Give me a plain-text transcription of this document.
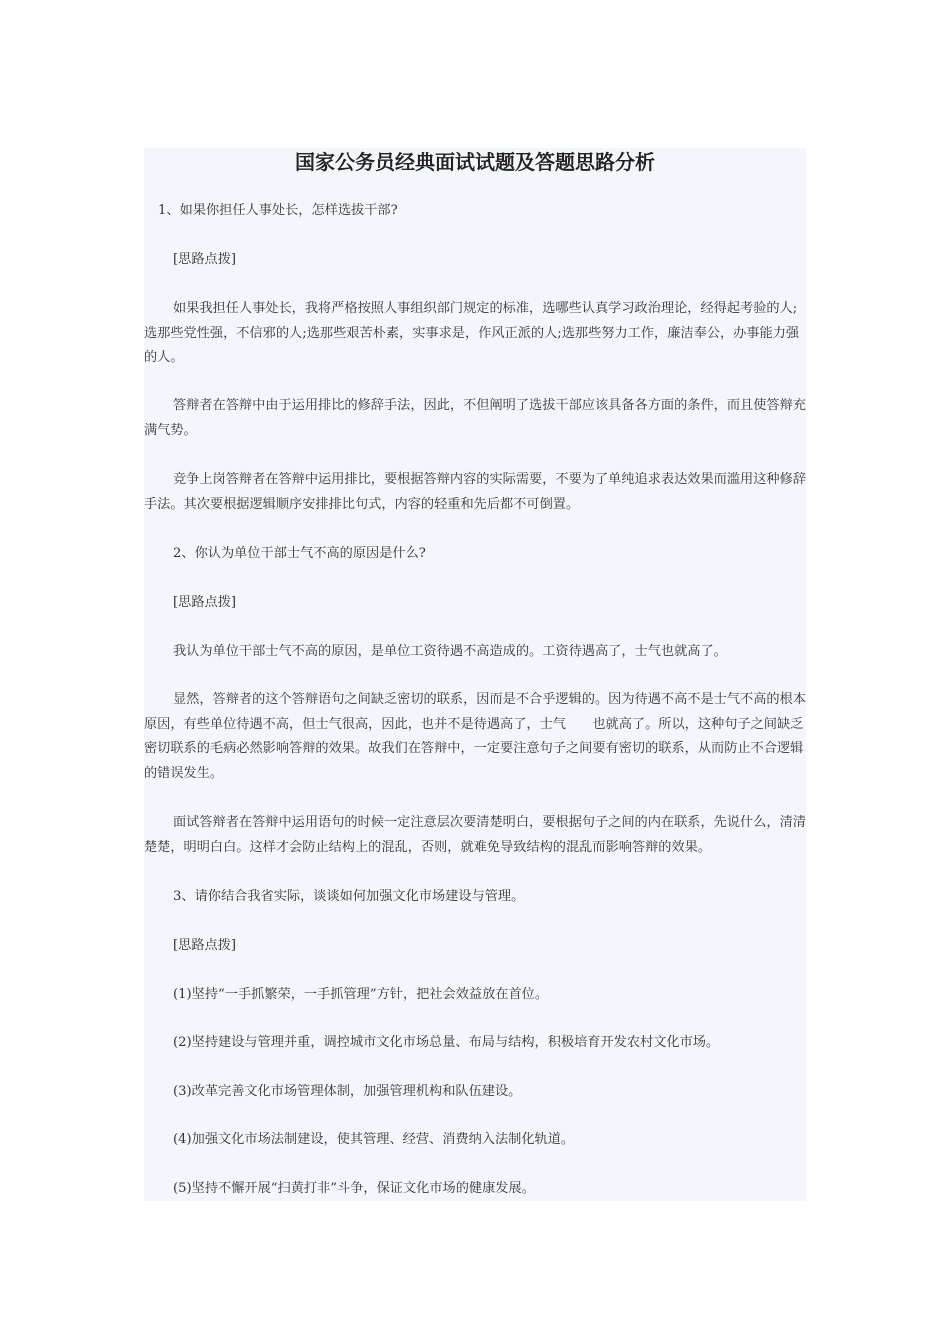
国家公务员经典面试试题及答题思路分析

1、如果你担任人事处长，怎样选拔干部?

[思路点拨]

如果我担任人事处长，我将严格按照人事组织部门规定的标准，选哪些认真学习政治理论，经得起考验的人;选那些党性强，不信邪的人;选那些艰苦朴素，实事求是，作风正派的人;选那些努力工作，廉洁奉公，办事能力强的人。

答辩者在答辩中由于运用排比的修辞手法，因此，不但阐明了选拔干部应该具备各方面的条件，而且使答辩充满气势。

竞争上岗答辩者在答辩中运用排比，要根据答辩内容的实际需要，不要为了单纯追求表达效果而滥用这种修辞手法。其次要根据逻辑顺序安排排比句式，内容的轻重和先后都不可倒置。

2、你认为单位干部士气不高的原因是什么?

[思路点拨]

我认为单位干部士气不高的原因，是单位工资待遇不高造成的。工资待遇高了，士气也就高了。

显然，答辩者的这个答辩语句之间缺乏密切的联系，因而是不合乎逻辑的。因为待遇不高不是士气不高的根本原因，有些单位待遇不高，但士气很高，因此，也并不是待遇高了，士气　　也就高了。所以，这种句子之间缺乏密切联系的毛病必然影响答辩的效果。故我们在答辩中，一定要注意句子之间要有密切的联系，从而防止不合逻辑的错误发生。

面试答辩者在答辩中运用语句的时候一定注意层次要清楚明白，要根据句子之间的内在联系，先说什么，清清楚楚，明明白白。这样才会防止结构上的混乱，否则，就难免导致结构的混乱而影响答辩的效果。

3、请你结合我省实际，谈谈如何加强文化市场建设与管理。

[思路点拨]

(1)坚持“一手抓繁荣，一手抓管理”方针，把社会效益放在首位。

(2)坚持建设与管理并重，调控城市文化市场总量、布局与结构，积极培育开发农村文化市场。

(3)改革完善文化市场管理体制，加强管理机构和队伍建设。

(4)加强文化市场法制建设，使其管理、经营、消费纳入法制化轨道。

(5)坚持不懈开展“扫黄打非”斗争，保证文化市场的健康发展。
